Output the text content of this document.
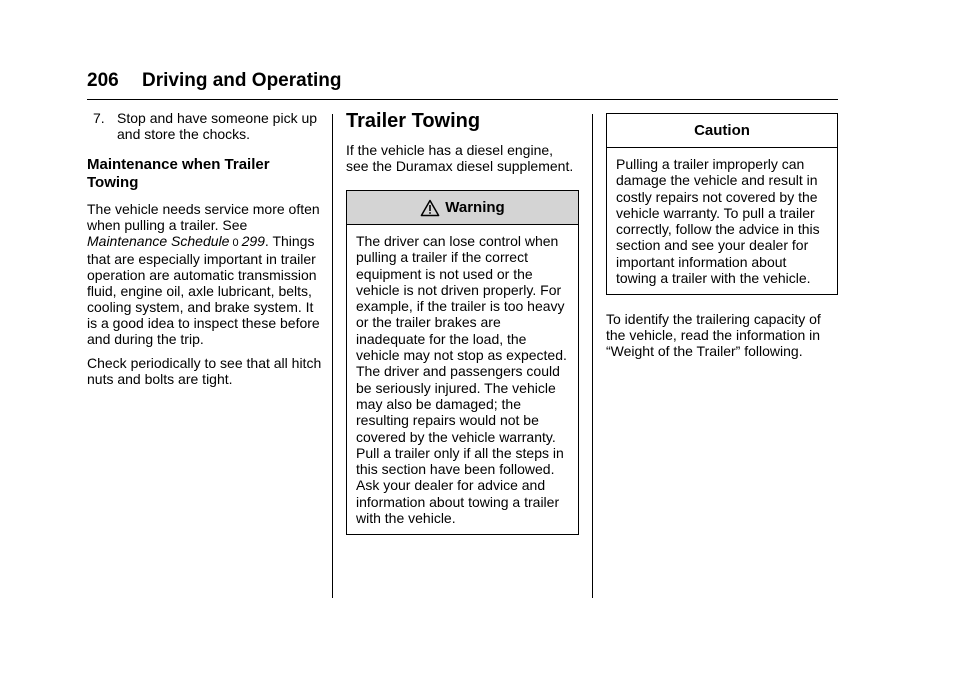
206 Driving and Operating
7. Stop and have someone pick up and store the chocks.
Maintenance when Trailer Towing

The vehicle needs service more often when pulling a trailer. See Maintenance Schedule 0 299. Things that are especially important in trailer operation are automatic transmission fluid, engine oil, axle lubricant, belts, cooling system, and brake system. It is a good idea to inspect these before and during the trip.

Check periodically to see that all hitch nuts and bolts are tight.

Trailer Towing

If the vehicle has a diesel engine, see the Duramax diesel supplement.

Warning
The driver can lose control when pulling a trailer if the correct equipment is not used or the vehicle is not driven properly. For example, if the trailer is too heavy or the trailer brakes are inadequate for the load, the vehicle may not stop as expected. The driver and passengers could be seriously injured. The vehicle may also be damaged; the resulting repairs would not be covered by the vehicle warranty. Pull a trailer only if all the steps in this section have been followed. Ask your dealer for advice and information about towing a trailer with the vehicle.
Caution
Pulling a trailer improperly can damage the vehicle and result in costly repairs not covered by the vehicle warranty. To pull a trailer correctly, follow the advice in this section and see your dealer for important information about towing a trailer with the vehicle.

To identify the trailering capacity of the vehicle, read the information in “Weight of the Trailer” following.
